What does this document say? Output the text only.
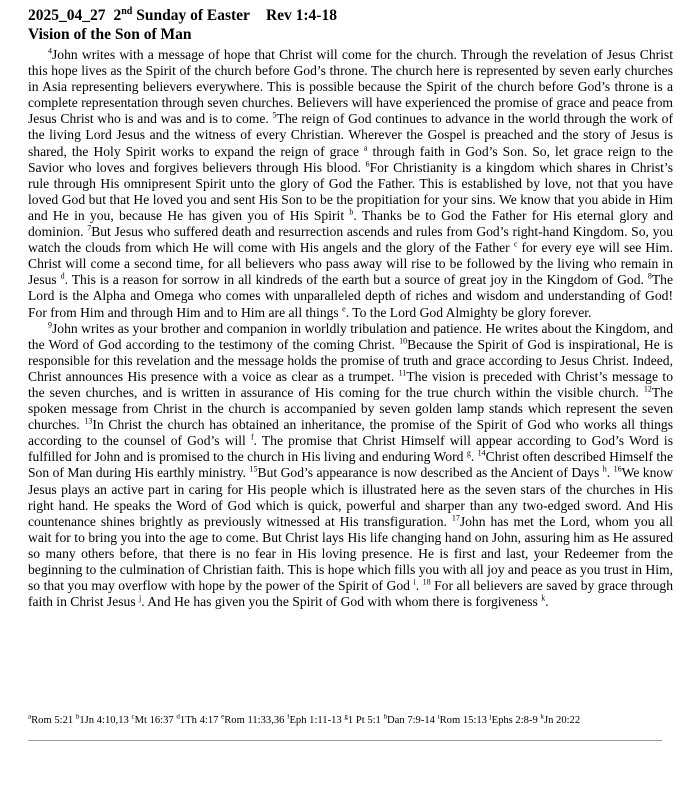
2025_04_27 2nd Sunday of Easter Rev 1:4-18
Vision of the Son of Man

$^4$John writes with a message of hope that Christ will come for the church. Through the revelation of Jesus Christ this hope lives as the Spirit of the church before God’s throne. The church here is represented by seven early churches in Asia representing believers everywhere. This is possible because the Spirit of the church before God’s throne is a complete representation through seven churches. Believers will have experienced the promise of grace and peace from Jesus Christ who is and was and is to come. $^5$The reign of God continues to advance in the world through the work of the living Lord Jesus and the witness of every Christian. Wherever the Gospel is preached and the story of Jesus is shared, the Holy Spirit works to expand the reign of grace $^a$ through faith in God’s Son. So, let grace reign to the Savior who loves and forgives believers through His blood. $^6$For Christianity is a kingdom which shares in Christ’s rule through His omnipresent Spirit unto the glory of God the Father. This is established by love, not that you have loved God but that He loved you and sent His Son to be the propitiation for your sins. We know that you abide in Him and He in you, because He has given you of His Spirit $^b$. Thanks be to God the Father for His eternal glory and dominion. $^7$But Jesus who suffered death and resurrection ascends and rules from God’s right-hand Kingdom. So, you watch the clouds from which He will come with His angels and the glory of the Father $^c$ for every eye will see Him. Christ will come a second time, for all believers who pass away will rise to be followed by the living who remain in Jesus $^d$. This is a reason for sorrow in all kindreds of the earth but a source of great joy in the Kingdom of God. $^8$The Lord is the Alpha and Omega who comes with unparalleled depth of riches and wisdom and understanding of God! For from Him and through Him and to Him are all things $^e$. To the Lord God Almighty be glory forever.

$^9$John writes as your brother and companion in worldly tribulation and patience. He writes about the Kingdom, and the Word of God according to the testimony of the coming Christ. $^{10}$Because the Spirit of God is inspirational, He is responsible for this revelation and the message holds the promise of truth and grace according to Jesus Christ. Indeed, Christ announces His presence with a voice as clear as a trumpet. $^{11}$The vision is preceded with Christ’s message to the seven churches, and is written in assurance of His coming for the true church within the visible church. $^{12}$The spoken message from Christ in the church is accompanied by seven golden lamp stands which represent the seven churches. $^{13}$In Christ the church has obtained an inheritance, the promise of the Spirit of God who works all things according to the counsel of God’s will $^f$. The promise that Christ Himself will appear according to God’s Word is fulfilled for John and is promised to the church in His living and enduring Word $^g$. $^{14}$Christ often described Himself the Son of Man during His earthly ministry. $^{15}$But God’s appearance is now described as the Ancient of Days $^h$. $^{16}$We know Jesus plays an active part in caring for His people which is illustrated here as the seven stars of the churches in His right hand. He speaks the Word of God which is quick, powerful and sharper than any two-edged sword. And His countenance shines brightly as previously witnessed at His transfiguration. $^{17}$John has met the Lord, whom you all wait for to bring you into the age to come. But Christ lays His life changing hand on John, assuring him as He assured so many others before, that there is no fear in His loving presence. He is first and last, your Redeemer from the beginning to the culmination of Christian faith. This is hope which fills you with all joy and peace as you trust in Him, so that you may overflow with hope by the power of the Spirit of God $^i$. $^{18}$ For all believers are saved by grace through faith in Christ Jesus $^j$. And He has given you the Spirit of God with whom there is forgiveness $^k$.

$^a$Rom 5:21 $^b$1Jn 4:10,13 $^c$Mt 16:37 $^d$1Th 4:17 $^e$Rom 11:33,36 $^f$Eph 1:11-13 $^g$1 Pt 5:1 $^h$Dan 7:9-14 $^i$Rom 15:13 $^j$Ephs 2:8-9 $^k$Jn 20:22
